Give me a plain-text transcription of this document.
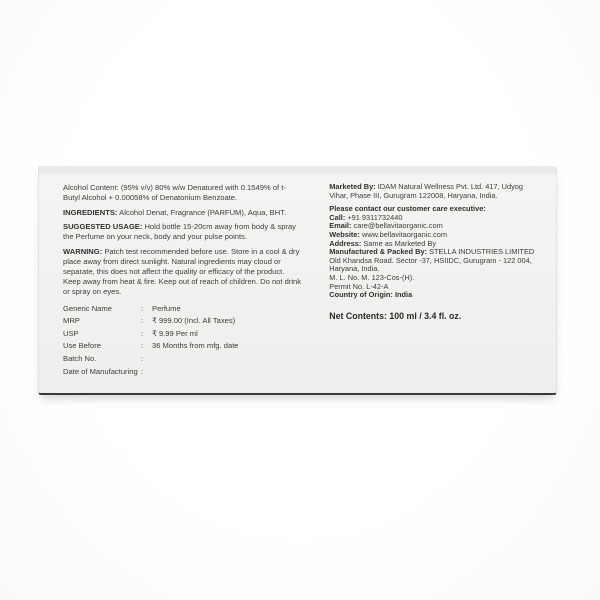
Alcohol Content: (95% v/v) 80% w/w Denatured with 0.1549% of t-Butyl Alcohol + 0.00058% of Denatonium Benzoate.

INGREDIENTS: Alcohol Denat, Fragrance (PARFUM), Aqua, BHT.

SUGGESTED USAGE: Hold bottle 15-20cm away from body & spray the Perfume on your neck, body and your pulse points.

WARNING: Patch test recommended before use. Store in a cool & dry place away from direct sunlight. Natural ingredients may cloud or separate, this does not affect the quality or efficacy of the product. Keep away from heat & fire. Keep out of reach of children. Do not drink or spray on eyes.

Generic Name	:	Perfume
MRP	:	₹ 999.00 (Incl. All Taxes)
USP	:	₹ 9.99 Per ml
Use Before	:	36 Months from mfg. date
Batch No.	:
Date of Manufacturing :
Marketed By: IDAM Natural Wellness Pvt. Ltd. 417, Udyog Vihar, Phase III, Gurugram 122008, Haryana, India.
Please contact our customer care executive:
Call: +91 9311732440
Email: care@bellavitaorganic.com
Website: www.bellavitaorganic.com
Address: Same as Marketed By
Manufactured & Packed By: STELLA INDUSTRIES LIMITED Old Khandsa Road. Sector -37, HSIIDC, Gurugram - 122 004, Haryana, India.
M. L. No. M. 123-Cos-(H).
Permit No. L-42-A
Country of Origin: India
Net Contents: 100 ml / 3.4 fl. oz.
